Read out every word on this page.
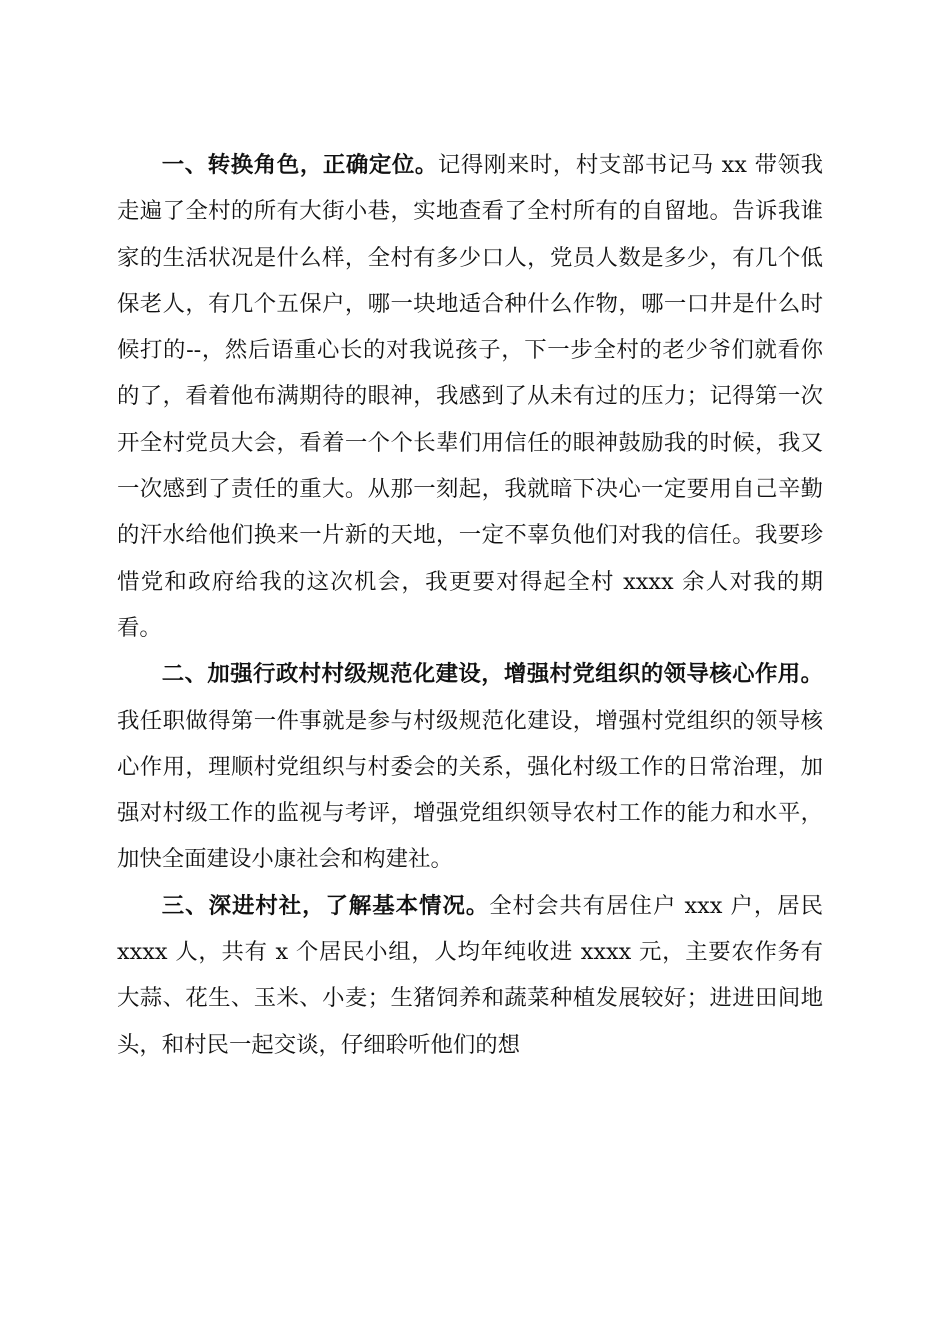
一、转换角色，正确定位。记得刚来时，村支部书记马 xx 带领我走遍了全村的所有大街小巷，实地查看了全村所有的自留地。告诉我谁家的生活状况是什么样，全村有多少口人，党员人数是多少，有几个低保老人，有几个五保户，哪一块地适合种什么作物，哪一口井是什么时候打的--，然后语重心长的对我说孩子，下一步全村的老少爷们就看你的了，看着他布满期待的眼神，我感到了从未有过的压力；记得第一次开全村党员大会，看着一个个长辈们用信任的眼神鼓励我的时候，我又一次感到了责任的重大。从那一刻起，我就暗下决心一定要用自己辛勤的汗水给他们换来一片新的天地，一定不辜负他们对我的信任。我要珍惜党和政府给我的这次机会，我更要对得起全村 xxxx 余人对我的期看。

二、加强行政村村级规范化建设，增强村党组织的领导核心作用。我任职做得第一件事就是参与村级规范化建设，增强村党组织的领导核心作用，理顺村党组织与村委会的关系，强化村级工作的日常治理，加强对村级工作的监视与考评，增强党组织领导农村工作的能力和水平，加快全面建设小康社会和构建社。

三、深进村社，了解基本情况。全村会共有居住户 xxx 户，居民 xxxx 人，共有 x 个居民小组，人均年纯收进 xxxx 元，主要农作务有大蒜、花生、玉米、小麦；生猪饲养和蔬菜种植发展较好；进进田间地头，和村民一起交谈，仔细聆听他们的想
